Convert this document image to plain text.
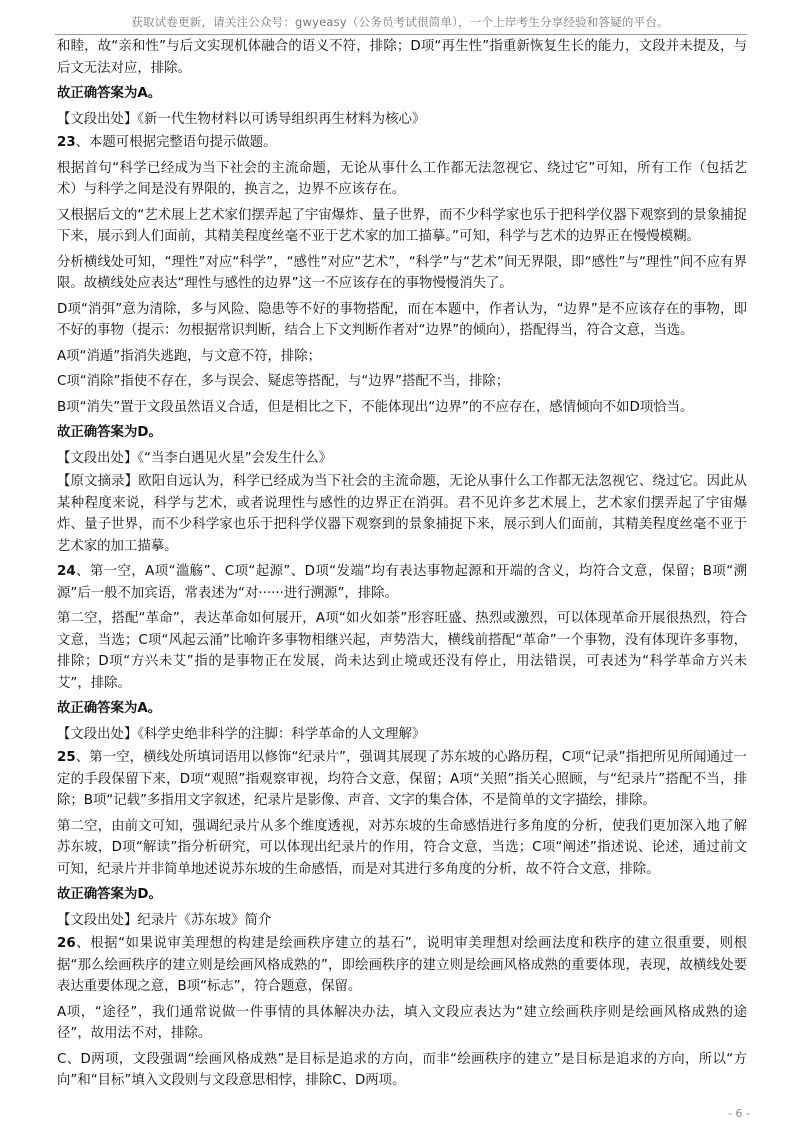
获取试卷更新，请关注公众号：gwyeasy（公务员考试很简单），一个上岸考生分享经验和答疑的平台。

和睦，故“亲和性”与后文实现机体融合的语义不符，排除；D项“再生性”指重新恢复生长的能力，文段并未提及，与后文无法对应，排除。

故正确答案为A。

【文段出处】《新一代生物材料以可诱导组织再生材料为核心》

23、本题可根据完整语句提示做题。

根据首句“科学已经成为当下社会的主流命题，无论从事什么工作都无法忽视它、绕过它”可知，所有工作（包括艺术）与科学之间是没有界限的，换言之，边界不应该存在。

又根据后文的“艺术展上艺术家们摆弄起了宇宙爆炸、量子世界，而不少科学家也乐于把科学仪器下观察到的景象捕捉下来，展示到人们面前，其精美程度丝毫不亚于艺术家的加工描摹。”可知，科学与艺术的边界正在慢慢模糊。

分析横线处可知，“理性”对应“科学”，“感性”对应“艺术”，“科学”与“艺术”间无界限，即“感性”与“理性”间不应有界限。故横线处应表达“理性与感性的边界”这一不应该存在的事物慢慢消失了。

D项“消弭”意为清除，多与风险、隐患等不好的事物搭配，而在本题中，作者认为，“边界”是不应该存在的事物，即不好的事物（提示：勿根据常识判断，结合上下文判断作者对“边界”的倾向），搭配得当，符合文意，当选。

A项“消遁”指消失逃跑，与文意不符，排除；

C项“消除”指使不存在，多与误会、疑虑等搭配，与“边界”搭配不当，排除；

B项“消失”置于文段虽然语义合适，但是相比之下，不能体现出“边界”的不应存在，感情倾向不如D项恰当。

故正确答案为D。

【文段出处】《“当李白遇见火星”会发生什么》

【原文摘录】欧阳自远认为，科学已经成为当下社会的主流命题，无论从事什么工作都无法忽视它、绕过它。因此从某种程度来说，科学与艺术，或者说理性与感性的边界正在消弭。君不见许多艺术展上，艺术家们摆弄起了宇宙爆炸、量子世界，而不少科学家也乐于把科学仪器下观察到的景象捕捉下来，展示到人们面前，其精美程度丝毫不亚于艺术家的加工描摹。

24、第一空，A项“滥觞”、C项“起源”、D项“发端”均有表达事物起源和开端的含义，均符合文意，保留；B项“溯源”后一般不加宾语，常表述为“对······进行溯源”，排除。

第二空，搭配“革命”，表达革命如何展开，A项“如火如荼”形容旺盛、热烈或激烈，可以体现革命开展很热烈，符合文意，当选；C项“风起云涌”比喻许多事物相继兴起，声势浩大，横线前搭配“革命”一个事物，没有体现许多事物，排除；D项“方兴未艾”指的是事物正在发展，尚未达到止境或还没有停止，用法错误，可表述为“科学革命方兴未艾”，排除。

故正确答案为A。

【文段出处】《科学史绝非科学的注脚：科学革命的人文理解》

25、第一空，横线处所填词语用以修饰“纪录片”，强调其展现了苏东坡的心路历程，C项“记录”指把所见所闻通过一定的手段保留下来，D项“观照”指观察审视，均符合文意，保留；A项“关照”指关心照顾，与“纪录片”搭配不当，排除；B项“记载”多指用文字叙述，纪录片是影像、声音、文字的集合体，不是简单的文字描绘，排除。

第二空，由前文可知，强调纪录片从多个维度透视，对苏东坡的生命感悟进行多角度的分析，使我们更加深入地了解苏东坡，D项“解读”指分析研究，可以体现出纪录片的作用，符合文意，当选；C项“阐述”指述说、论述，通过前文可知，纪录片并非简单地述说苏东坡的生命感悟，而是对其进行多角度的分析，故不符合文意，排除。

故正确答案为D。

【文段出处】纪录片《苏东坡》简介

26、根据“如果说审美理想的构建是绘画秩序建立的基石”，说明审美理想对绘画法度和秩序的建立很重要，则根据“那么绘画秩序的建立则是绘画风格成熟的”，即绘画秩序的建立则是绘画风格成熟的重要体现，表现，故横线处要表达重要体现之意，B项“标志”，符合题意，保留。

A项，“途径”，我们通常说做一件事情的具体解决办法，填入文段应表达为“建立绘画秩序则是绘画风格成熟的途径”，故用法不对，排除。

C、D两项，文段强调“绘画风格成熟”是目标是追求的方向，而非“绘画秩序的建立”是目标是追求的方向，所以“方向”和“目标”填入文段则与文段意思相悖，排除C、D两项。

- 6 -
